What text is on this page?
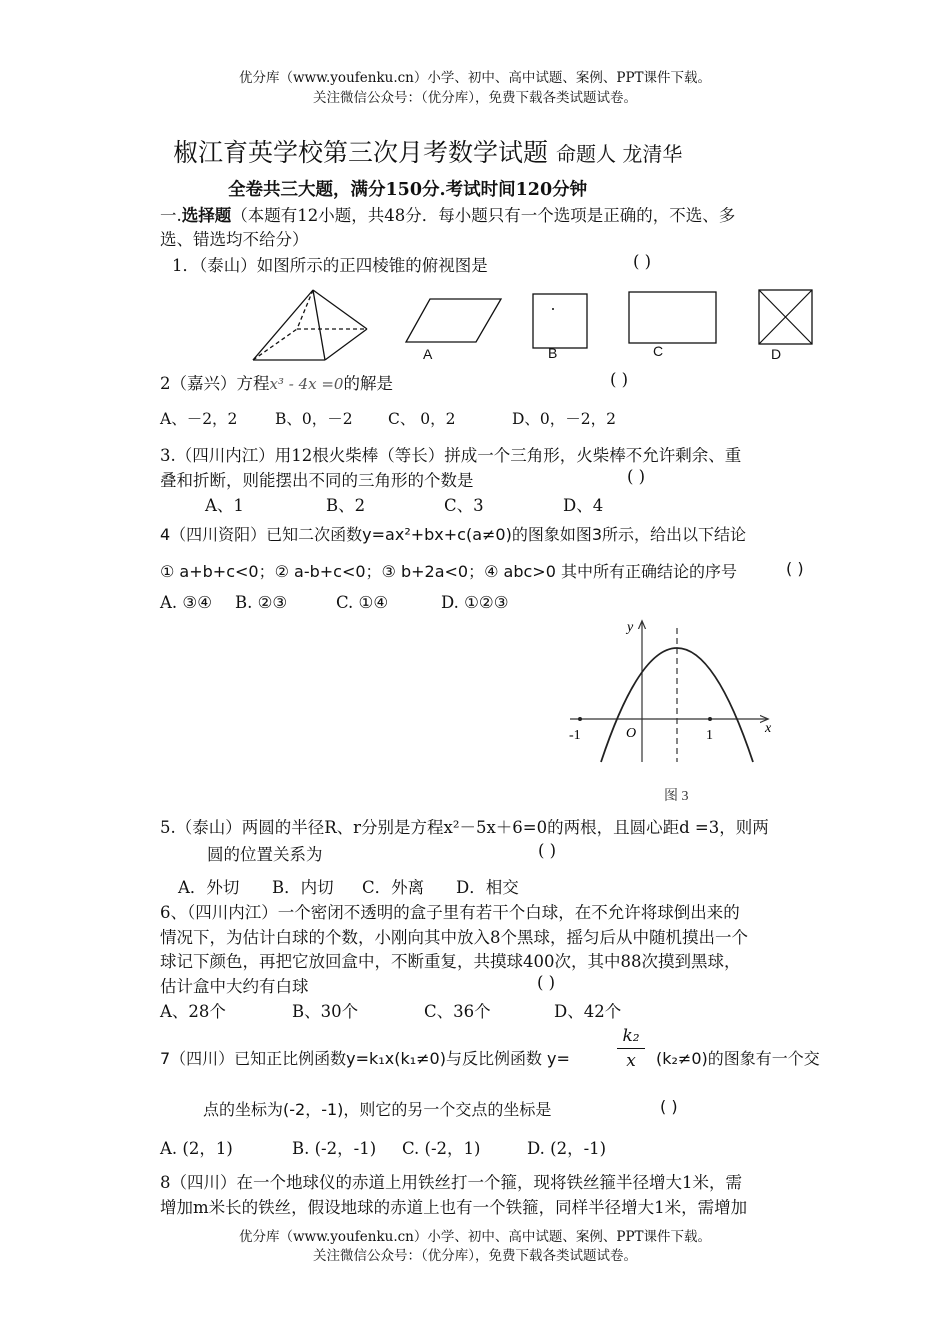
优分库（www.youfenku.cn）小学、初中、高中试题、案例、PPT课件下载。
关注微信公众号：（优分库），免费下载各类试题试卷。
椒江育英学校第三次月考数学试题 命题人 龙清华
全卷共三大题，满分150分.考试时间120分钟
一.选择题（本题有12小题，共48分．每小题只有一个选项是正确的，不选、多
选、错选均不给分）
1．（泰山）如图所示的正四棱锥的俯视图是	( )
A	B	C	D
2（嘉兴）方程x³ - 4x =0的解是	( )
A、－2，2 B、0，－2 C、 0，2	D、0，－2，2
3.（四川内江）用12根火柴棒（等长）拼成一个三角形，火柴棒不允许剩余、重
叠和折断，则能摆出不同的三角形的个数是	( )
A、1	B、2	C、3	D、4
4（四川资阳）已知二次函数y=ax²+bx+c(a≠0)的图象如图3所示，给出以下结论
① a+b+c<0；② a-b+c<0；③ b+2a<0；④ abc>0 其中所有正确结论的序号	( )
A. ③④ B. ②③	C. ①④	D. ①②③
y
x
O
-1	1
图 3
5.（泰山）两圆的半径R、r分别是方程x²－5x＋6=0的两根，且圆心距d =3，则两
圆的位置关系为	( )
A．外切 B．内切 C．外离 D．相交
6、（四川内江）一个密闭不透明的盒子里有若干个白球，在不允许将球倒出来的
情况下，为估计白球的个数，小刚向其中放入8个黑球，摇匀后从中随机摸出一个
球记下颜色，再把它放回盒中，不断重复，共摸球400次，其中88次摸到黑球，
估计盒中大约有白球	( )
A、28个	B、30个	C、36个	D、42个
7（四川）已知正比例函数y=k₁x(k₁≠0)与反比例函数 y=	$\frac{\text{k₂}}{x} (k_2\ne 0)$的图象有一个交
点的坐标为(-2，-1)，则它的另一个交点的坐标是	( )
A. (2，1)	B. (-2，-1) C. (-2，1)	D. (2，-1)
8（四川）在一个地球仪的赤道上用铁丝打一个箍，现将铁丝箍半径增大1米，需
增加m米长的铁丝，假设地球的赤道上也有一个铁箍，同样半径增大1米，需增加
优分库（www.youfenku.cn）小学、初中、高中试题、案例、PPT课件下载。
关注微信公众号：（优分库），免费下载各类试题试卷。
